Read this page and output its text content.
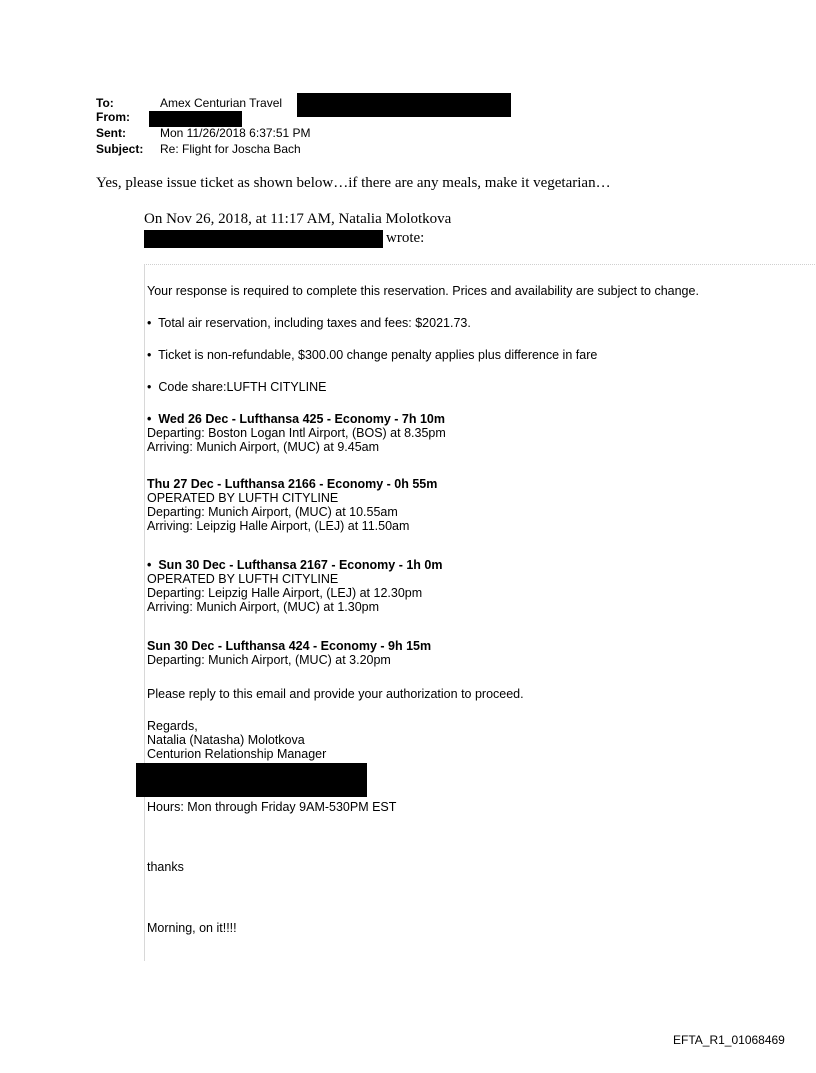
To:	Amex Centurian Travel
From:
Sent:	Mon 11/26/2018 6:37:51 PM
Subject: Re: Flight for Joscha Bach
Yes, please issue ticket as shown below…if there are any meals, make it vegetarian…
On Nov 26, 2018, at 11:17 AM, Natalia Molotkova
wrote:
Your response is required to complete this reservation. Prices and availability are subject to change.
• Total air reservation, including taxes and fees: $2021.73.
• Ticket is non-refundable, $300.00 change penalty applies plus difference in fare
• Code share:LUFTH CITYLINE
• Wed 26 Dec - Lufthansa 425 - Economy - 7h 10m
Departing: Boston Logan Intl Airport, (BOS) at 8.35pm
Arriving: Munich Airport, (MUC) at 9.45am
Thu 27 Dec - Lufthansa 2166 - Economy - 0h 55m
OPERATED BY LUFTH CITYLINE
Departing: Munich Airport, (MUC) at 10.55am
Arriving: Leipzig Halle Airport, (LEJ) at 11.50am
• Sun 30 Dec - Lufthansa 2167 - Economy - 1h 0m
OPERATED BY LUFTH CITYLINE
Departing: Leipzig Halle Airport, (LEJ) at 12.30pm
Arriving: Munich Airport, (MUC) at 1.30pm
Sun 30 Dec - Lufthansa 424 - Economy - 9h 15m
Departing: Munich Airport, (MUC) at 3.20pm
Please reply to this email and provide your authorization to proceed.
Regards,
Natalia (Natasha) Molotkova
Centurion Relationship Manager
Hours: Mon through Friday 9AM-530PM EST
thanks
Morning, on it!!!!
EFTA_R1_01068469
